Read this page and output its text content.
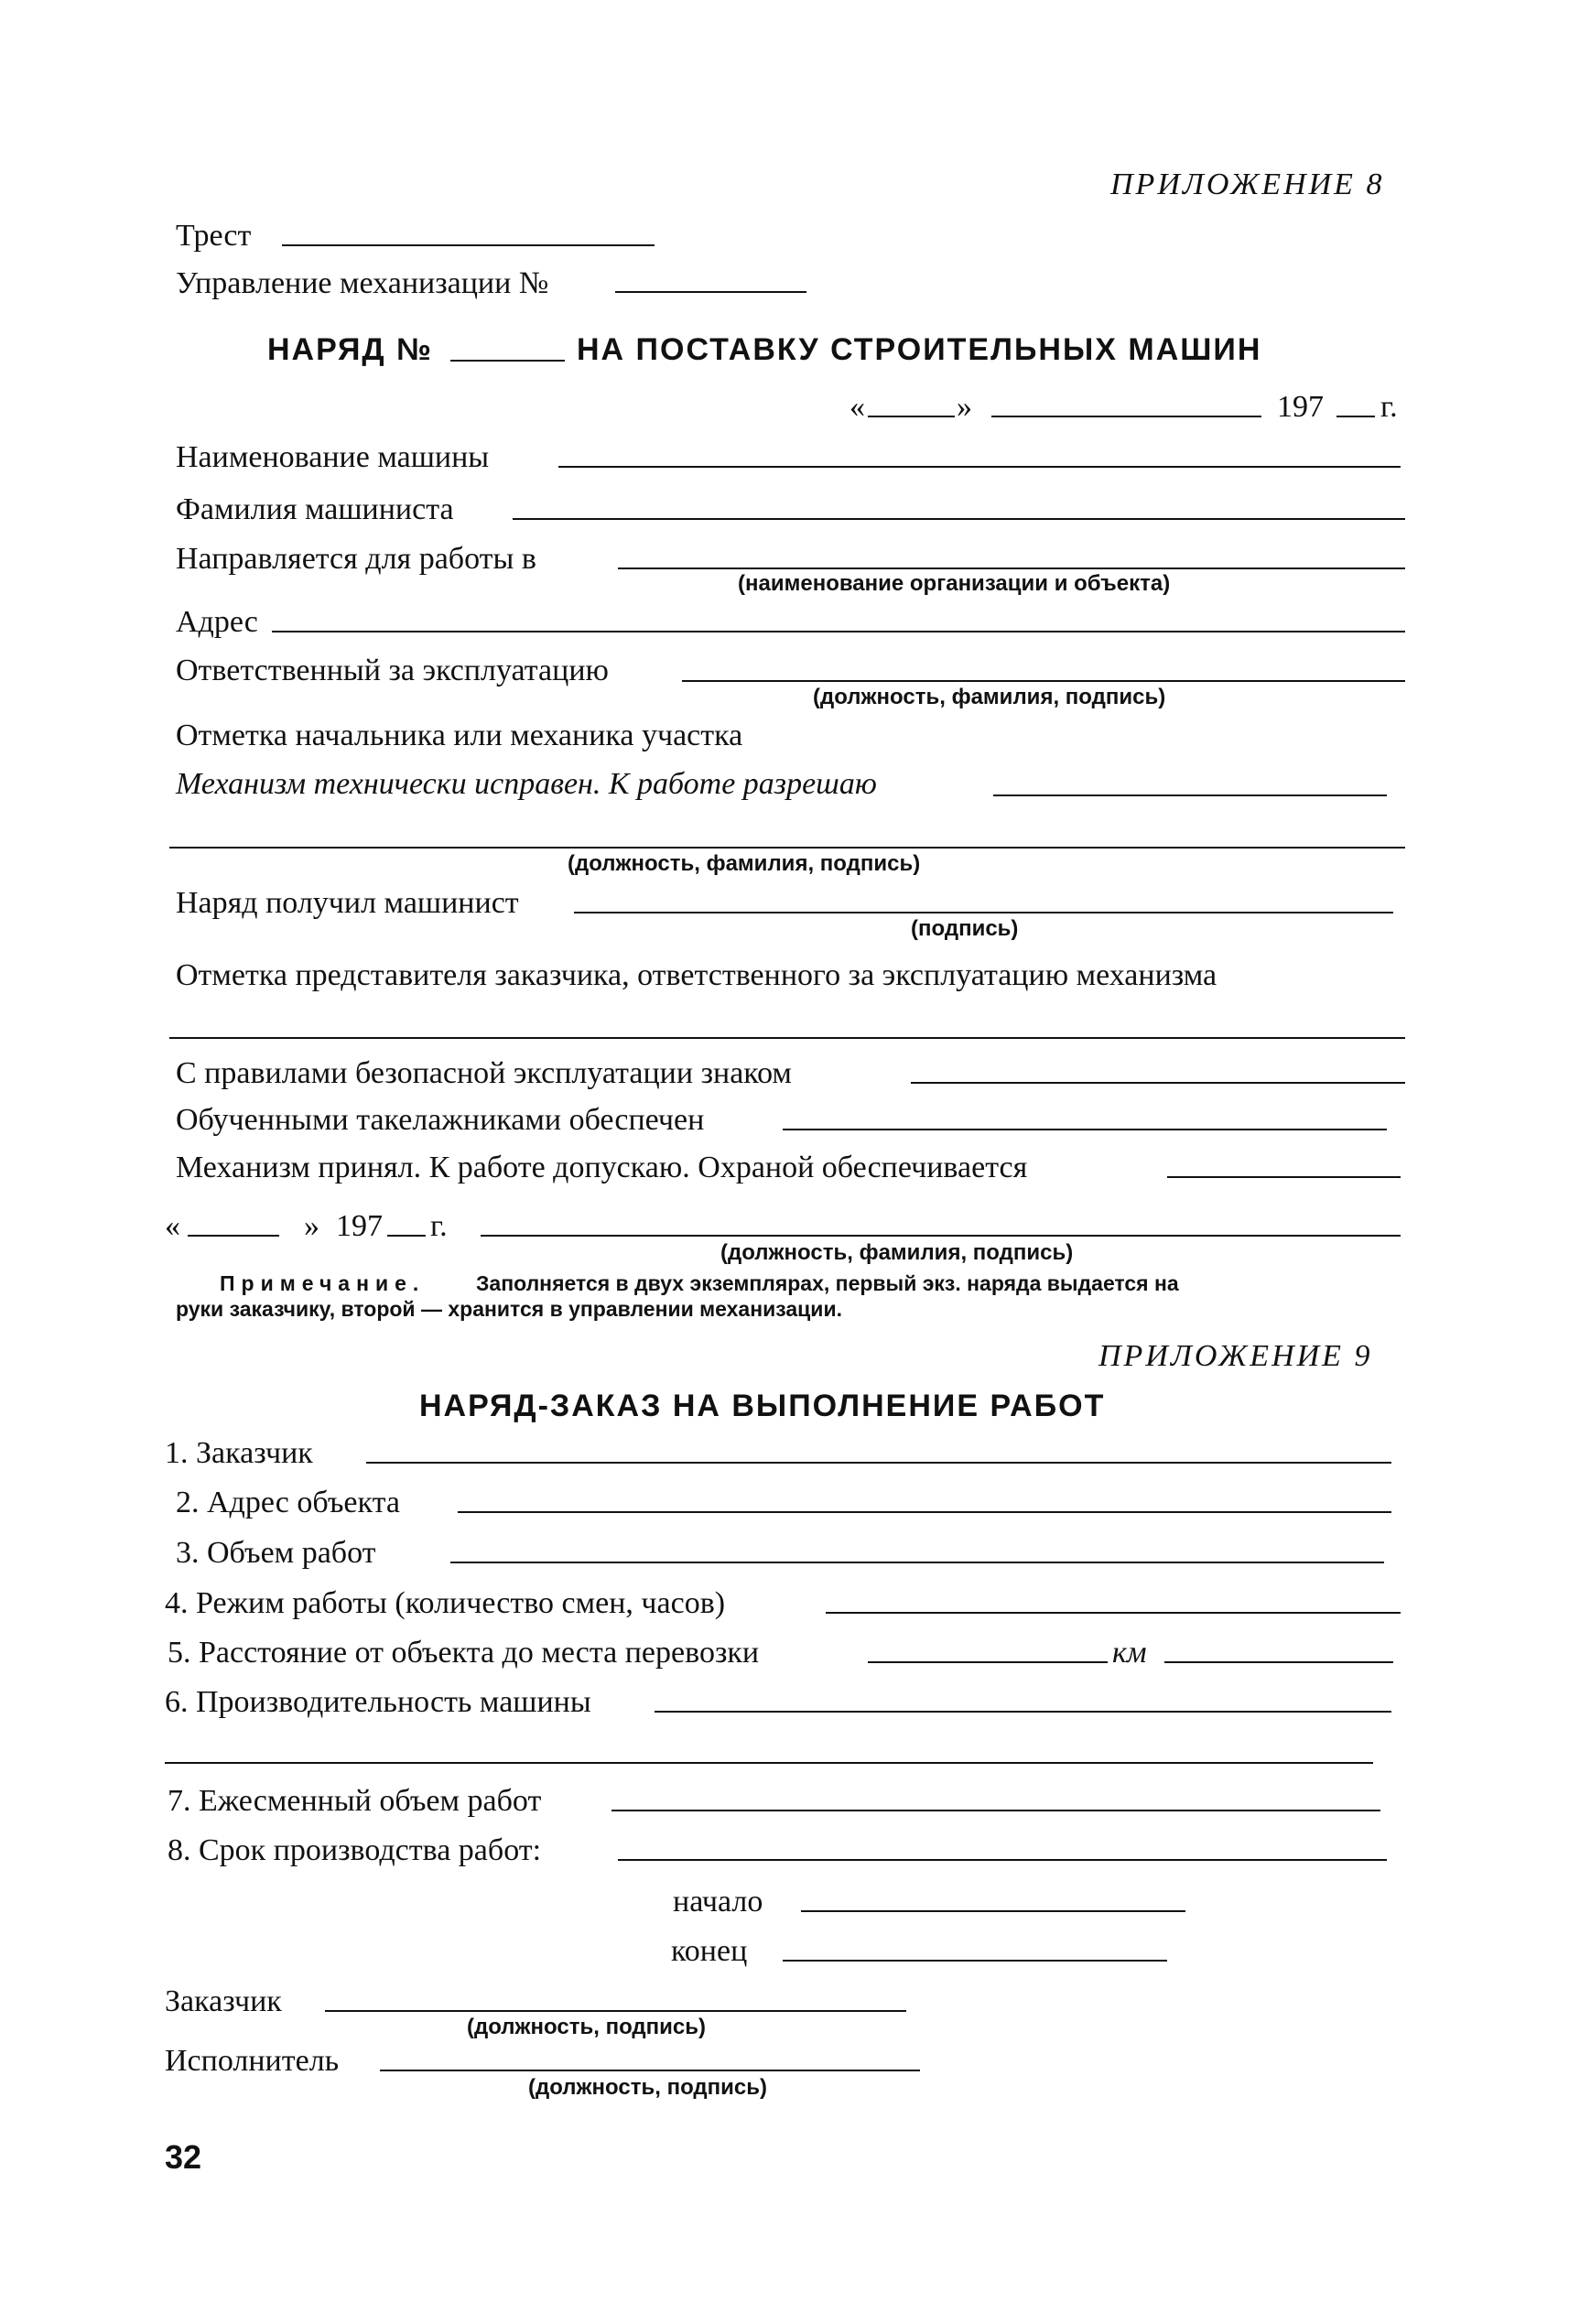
ПРИЛОЖЕНИЕ 8
Трест
Управление механизации №
НАРЯД №	НА ПОСТАВКУ СТРОИТЕЛЬНЫХ МАШИН
«	»	197 г.
Наименование машины
Фамилия машиниста
Направляется для работы в
(наименование организации и объекта)
Адрес
Ответственный за эксплуатацию
(должность, фамилия, подпись)
Отметка начальника или механика участка
Механизм технически исправен. К работе разрешаю
(должность, фамилия, подпись)
Наряд получил машинист
(подпись)
Отметка представителя заказчика, ответственного за эксплуатацию механизма
С правилами безопасной эксплуатации знаком
Обученными такелажниками обеспечен
Механизм принял. К работе допускаю. Охраной обеспечивается
«	» 197 г.
(должность, фамилия, подпись)
Примечание. Заполняется в двух экземплярах, первый экз. наряда выдается на
руки заказчику, второй — хранится в управлении механизации.
ПРИЛОЖЕНИЕ 9
НАРЯД-ЗАКАЗ НА ВЫПОЛНЕНИЕ РАБОТ
1. Заказчик
2. Адрес объекта
3. Объем работ
4. Режим работы (количество смен, часов)
5. Расстояние от объекта до места перевозки	км
6. Производительность машины
7. Ежесменный объем работ
8. Срок производства работ:
начало
конец
Заказчик
(должность, подпись)
Исполнитель
(должность, подпись)
32
